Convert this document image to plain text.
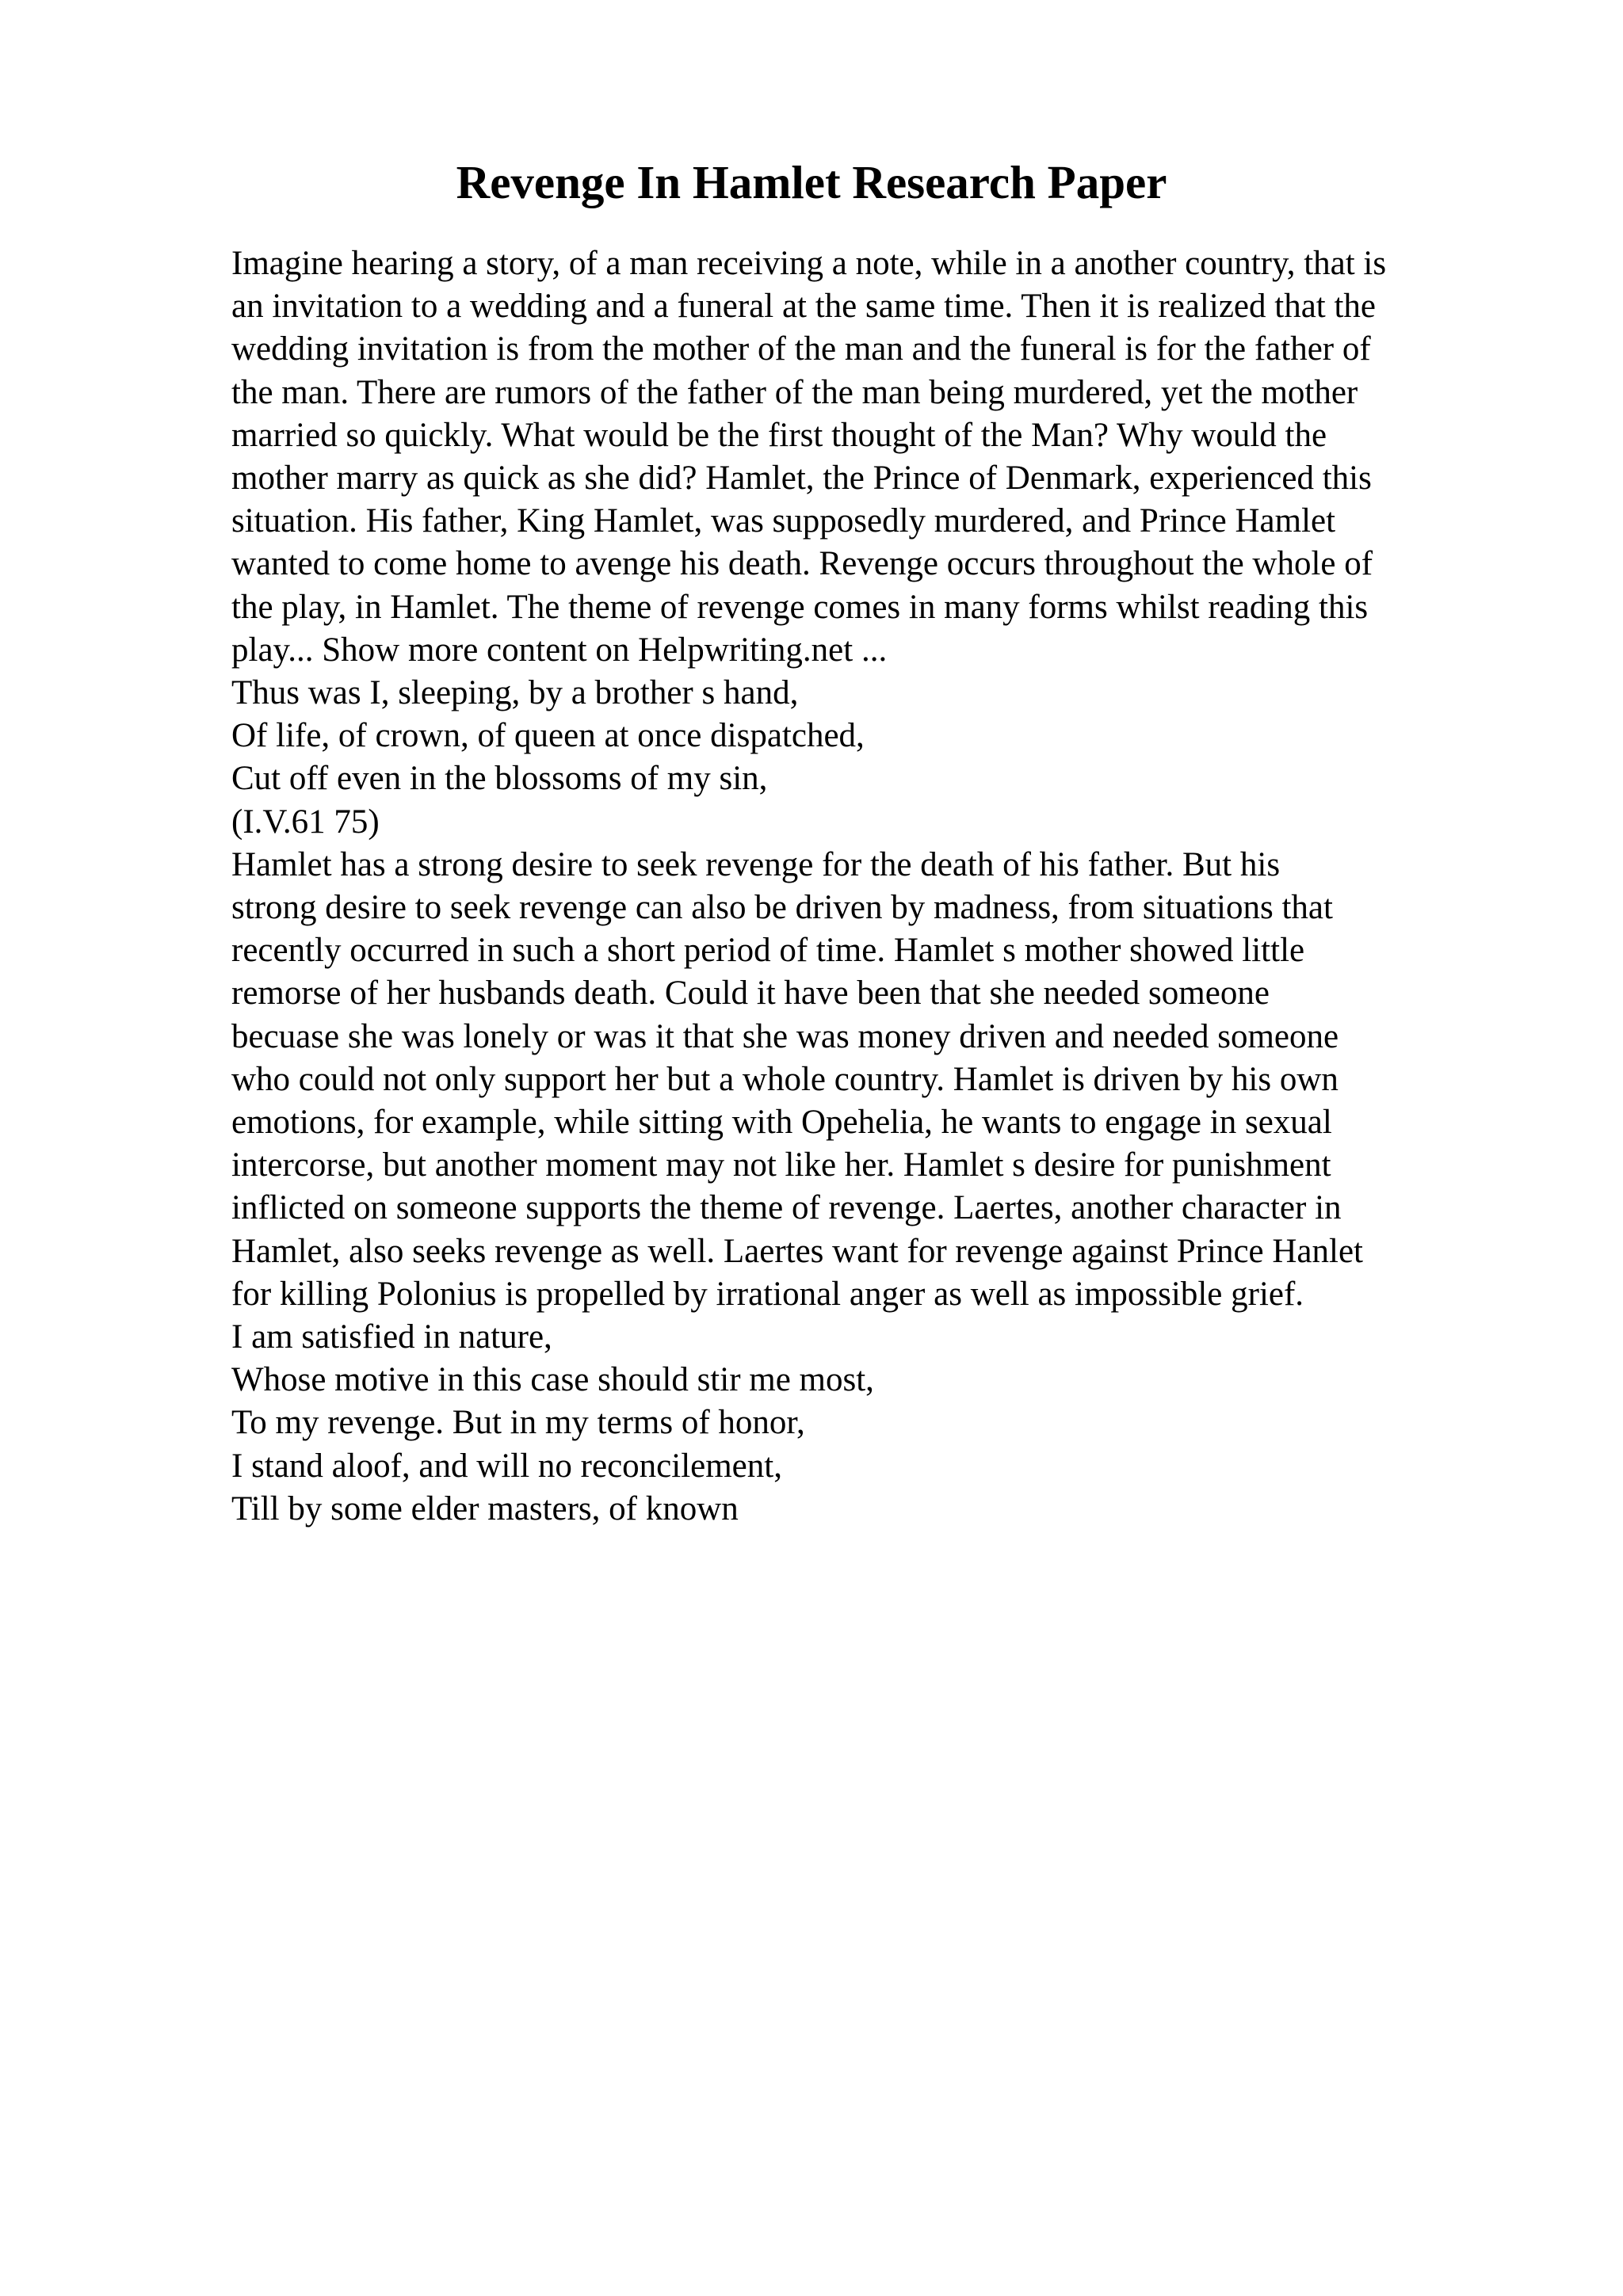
Revenge In Hamlet Research Paper
Imagine hearing a story, of a man receiving a note, while in a another country, that is
an invitation to a wedding and a funeral at the same time. Then it is realized that the
wedding invitation is from the mother of the man and the funeral is for the father of
the man. There are rumors of the father of the man being murdered, yet the mother
married so quickly. What would be the first thought of the Man? Why would the
mother marry as quick as she did? Hamlet, the Prince of Denmark, experienced this
situation. His father, King Hamlet, was supposedly murdered, and Prince Hamlet
wanted to come home to avenge his death. Revenge occurs throughout the whole of
the play, in Hamlet. The theme of revenge comes in many forms whilst reading this
play... Show more content on Helpwriting.net ...
Thus was I, sleeping, by a brother s hand,
Of life, of crown, of queen at once dispatched,
Cut off even in the blossoms of my sin,
(I.V.61 75)
Hamlet has a strong desire to seek revenge for the death of his father. But his
strong desire to seek revenge can also be driven by madness, from situations that
recently occurred in such a short period of time. Hamlet s mother showed little
remorse of her husbands death. Could it have been that she needed someone
becuase she was lonely or was it that she was money driven and needed someone
who could not only support her but a whole country. Hamlet is driven by his own
emotions, for example, while sitting with Opehelia, he wants to engage in sexual
intercorse, but another moment may not like her. Hamlet s desire for punishment
inflicted on someone supports the theme of revenge. Laertes, another character in
Hamlet, also seeks revenge as well. Laertes want for revenge against Prince Hanlet
for killing Polonius is propelled by irrational anger as well as impossible grief.
I am satisfied in nature,
Whose motive in this case should stir me most,
To my revenge. But in my terms of honor,
I stand aloof, and will no reconcilement,
Till by some elder masters, of known
